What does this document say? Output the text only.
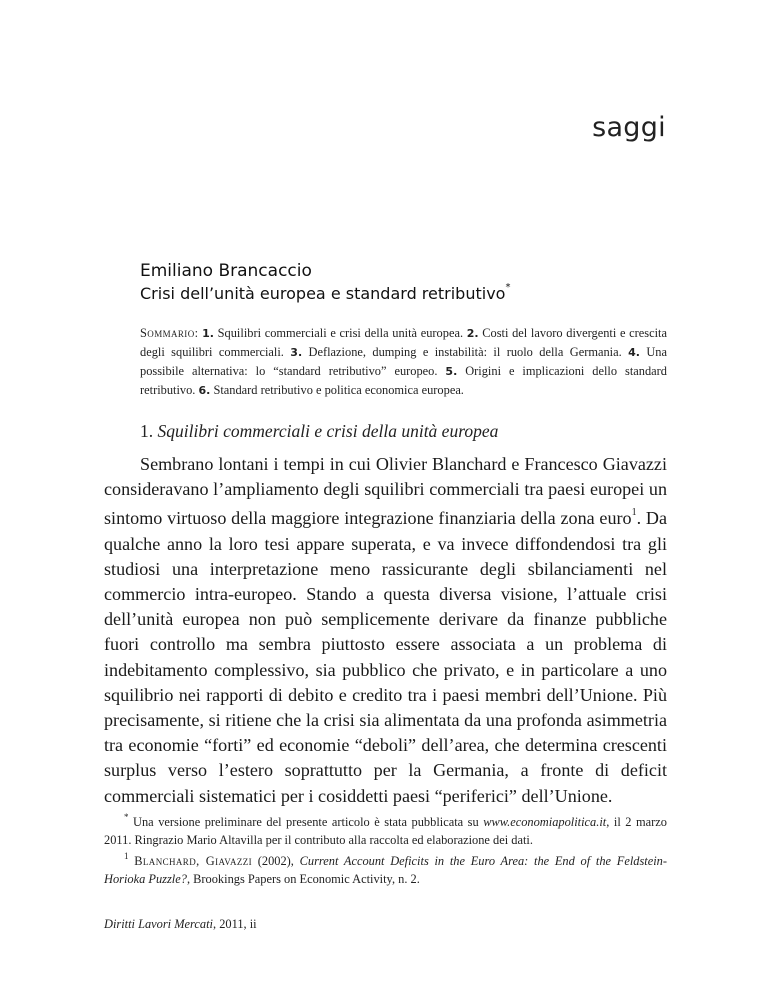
saggi
Emiliano Brancaccio
Crisi dell’unità europea e standard retributivo*
Sommario: 1. Squilibri commerciali e crisi della unità europea. 2. Costi del lavoro divergenti e crescita degli squilibri commerciali. 3. Deflazione, dumping e instabilità: il ruolo della Germania. 4. Una possibile alternativa: lo “standard retributivo” europeo. 5. Origini e implicazioni dello standard retributivo. 6. Standard retributivo e politica economica europea.
1. Squilibri commerciali e crisi della unità europea

Sembrano lontani i tempi in cui Olivier Blanchard e Francesco Giavazzi consideravano l’ampliamento degli squilibri commerciali tra paesi europei un sintomo virtuoso della maggiore integrazione finanziaria della zona euro$^1$. Da qualche anno la loro tesi appare superata, e va invece diffondendosi tra gli studiosi una interpretazione meno rassicurante degli sbilanciamenti nel commercio intra-europeo. Stando a questa diversa visione, l’attuale crisi dell’unità europea non può semplicemente derivare da finanze pubbliche fuori controllo ma sembra piuttosto essere associata a un problema di indebitamento complessivo, sia pubblico che privato, e in particolare a uno squilibrio nei rapporti di debito e credito tra i paesi membri dell’Unione. Più precisamente, si ritiene che la crisi sia alimentata da una profonda asimmetria tra economie “forti” ed economie “deboli” dell’area, che determina crescenti surplus verso l’estero soprattutto per la Germania, a fronte di deficit commerciali sistematici per i cosiddetti paesi “periferici” dell’Unione.

* Una versione preliminare del presente articolo è stata pubblicata su www.economiapolitica.it, il 2 marzo 2011. Ringrazio Mario Altavilla per il contributo alla raccolta ed elaborazione dei dati.

$^1$ Blanchard, Giavazzi (2002), Current Account Deficits in the Euro Area: the End of the Feldstein-Horioka Puzzle?, Brookings Papers on Economic Activity, n. 2.

Diritti Lavori Mercati, 2011, ii
